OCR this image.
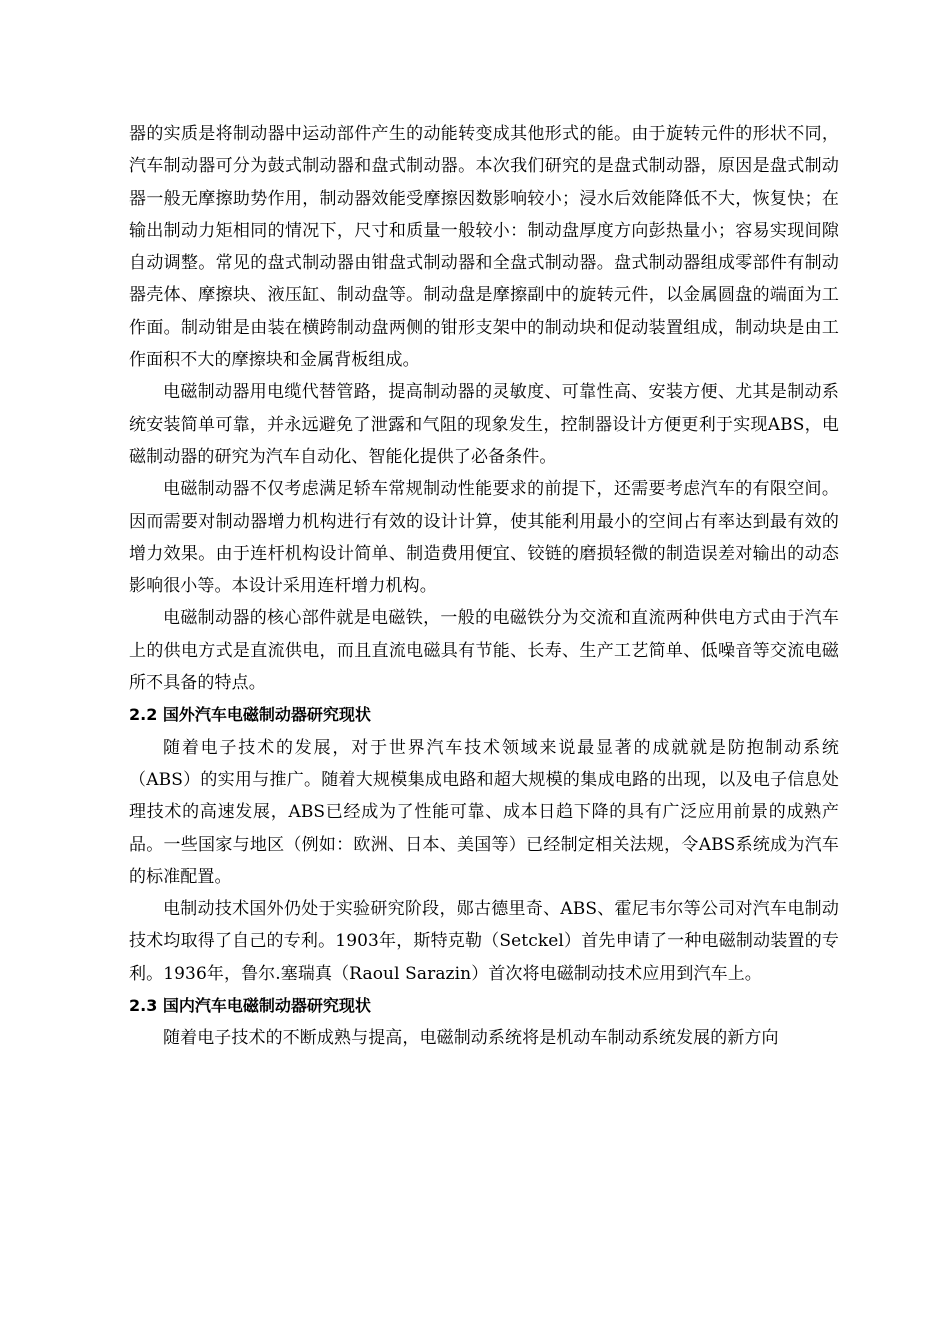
器的实质是将制动器中运动部件产生的动能转变成其他形式的能。由于旋转元件的形状不同，汽车制动器可分为鼓式制动器和盘式制动器。本次我们研究的是盘式制动器，原因是盘式制动器一般无摩擦助势作用，制动器效能受摩擦因数影响较小；浸水后效能降低不大，恢复快；在输出制动力矩相同的情况下，尺寸和质量一般较小：制动盘厚度方向彭热量小；容易实现间隙自动调整。常见的盘式制动器由钳盘式制动器和全盘式制动器。盘式制动器组成零部件有制动器壳体、摩擦块、液压缸、制动盘等。制动盘是摩擦副中的旋转元件，以金属圆盘的端面为工作面。制动钳是由装在横跨制动盘两侧的钳形支架中的制动块和促动装置组成，制动块是由工作面积不大的摩擦块和金属背板组成。

电磁制动器用电缆代替管路，提高制动器的灵敏度、可靠性高、安装方便、尤其是制动系统安装简单可靠，并永远避免了泄露和气阻的现象发生，控制器设计方便更利于实现ABS，电磁制动器的研究为汽车自动化、智能化提供了必备条件。

电磁制动器不仅考虑满足轿车常规制动性能要求的前提下，还需要考虑汽车的有限空间。因而需要对制动器增力机构进行有效的设计计算，使其能利用最小的空间占有率达到最有效的增力效果。由于连杆机构设计简单、制造费用便宜、铰链的磨损轻微的制造误差对输出的动态影响很小等。本设计采用连杆增力机构。

电磁制动器的核心部件就是电磁铁，一般的电磁铁分为交流和直流两种供电方式由于汽车上的供电方式是直流供电，而且直流电磁具有节能、长寿、生产工艺简单、低噪音等交流电磁所不具备的特点。

2.2 国外汽车电磁制动器研究现状

随着电子技术的发展，对于世界汽车技术领域来说最显著的成就就是防抱制动系统（ABS）的实用与推广。随着大规模集成电路和超大规模的集成电路的出现，以及电子信息处理技术的高速发展，ABS已经成为了性能可靠、成本日趋下降的具有广泛应用前景的成熟产品。一些国家与地区（例如：欧洲、日本、美国等）已经制定相关法规，令ABS系统成为汽车的标准配置。

电制动技术国外仍处于实验研究阶段，郧古德里奇、ABS、霍尼韦尔等公司对汽车电制动技术均取得了自己的专利。1903年，斯特克勒（Setckel）首先申请了一种电磁制动装置的专利。1936年，鲁尔.塞瑞真（Raoul Sarazin）首次将电磁制动技术应用到汽车上。

2.3 国内汽车电磁制动器研究现状

随着电子技术的不断成熟与提高，电磁制动系统将是机动车制动系统发展的新方向
